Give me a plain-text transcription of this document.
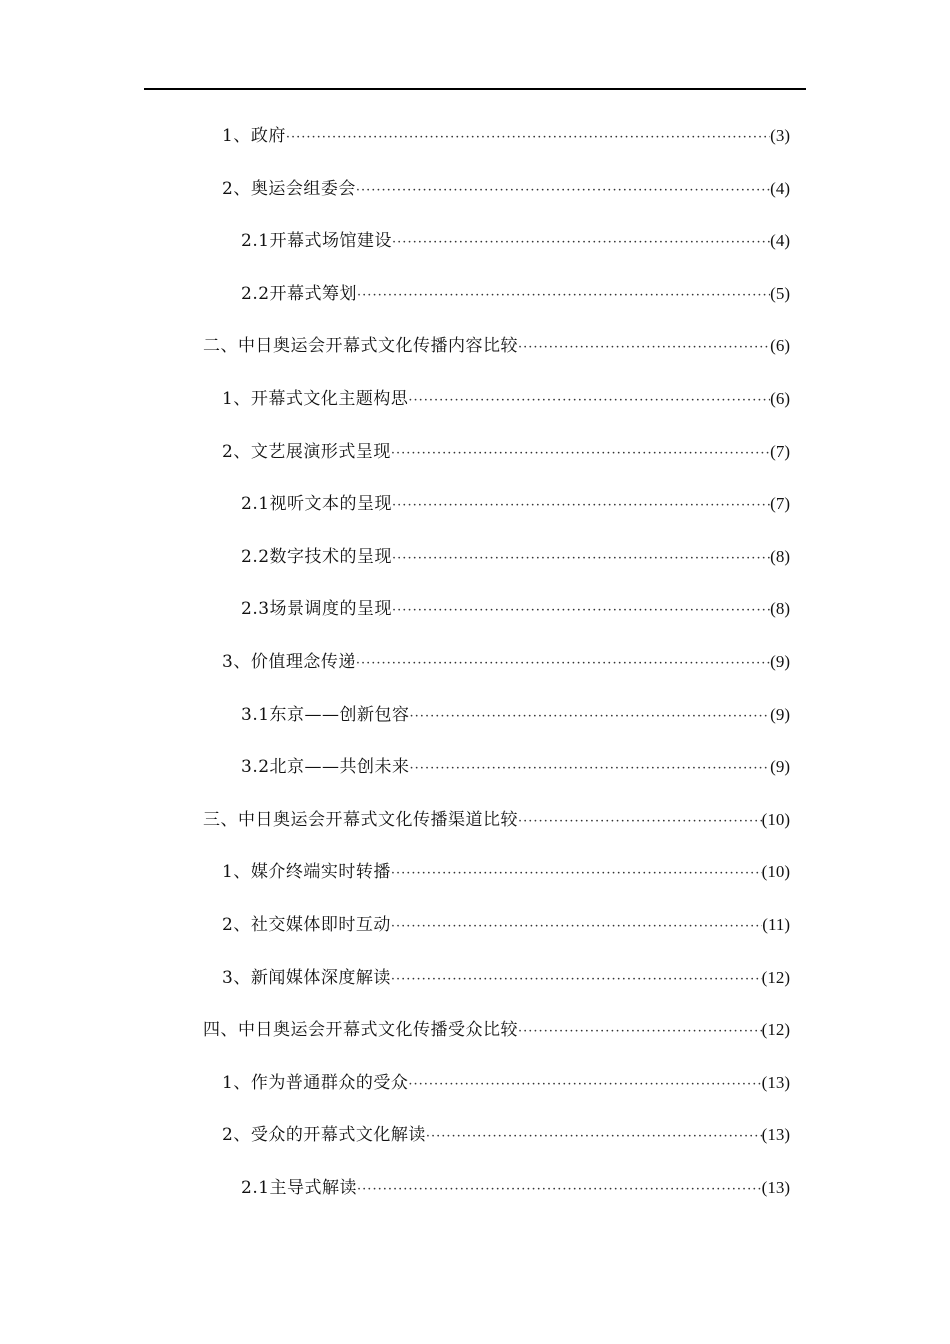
1、政府 ·····	(3)
2、奥运会组委会 ·····	(4)
2.1开幕式场馆建设 ·····	(4)
2.2开幕式筹划 ·····	(5)
二、中日奥运会开幕式文化传播内容比较 ·····	(6)
1、开幕式文化主题构思 ·····	(6)
2、文艺展演形式呈现 ·····	(7)
2.1视听文本的呈现 ·····	(7)
2.2数字技术的呈现 ·····	(8)
2.3场景调度的呈现 ·····	(8)
3、价值理念传递 ·····	(9)
3.1东京——创新包容 ·····	(9)
3.2北京——共创未来 ·····	(9)
三、中日奥运会开幕式文化传播渠道比较 ·····	(10)
1、媒介终端实时转播 ·····	(10)
2、社交媒体即时互动 ·····	(11)
3、新闻媒体深度解读 ·····	(12)
四、中日奥运会开幕式文化传播受众比较 ·····	(12)
1、作为普通群众的受众 ·····	(13)
2、受众的开幕式文化解读 ·····	(13)
2.1主导式解读 ·····	(13)
